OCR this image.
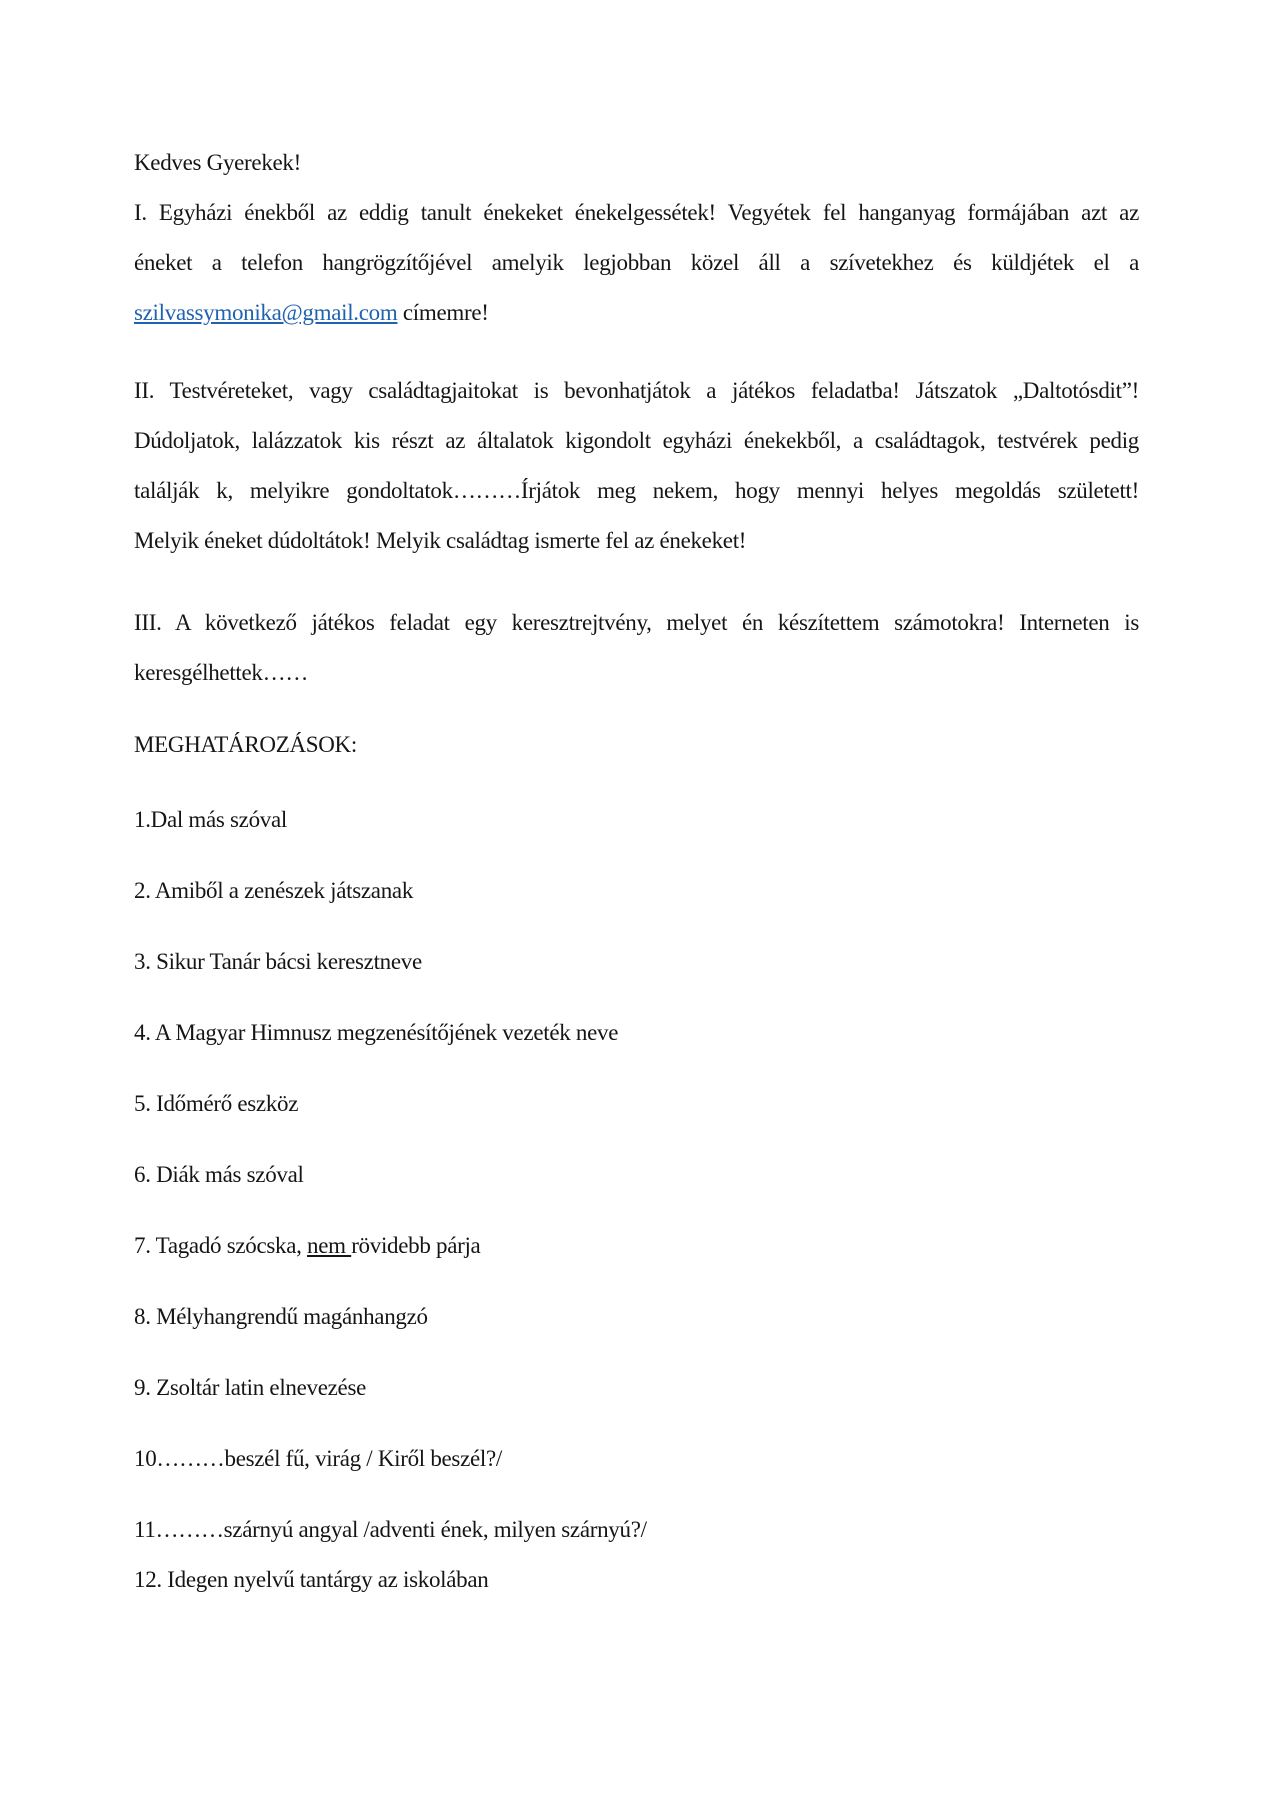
Kedves Gyerekek!
I. Egyházi énekből az eddig tanult énekeket énekelgessétek! Vegyétek fel hanganyag formájában azt az
éneket a telefon hangrögzítőjével amelyik legjobban közel áll a szívetekhez és küldjétek el a
szilvassymonika@gmail.com címemre!
II. Testvéreteket, vagy családtagjaitokat is bevonhatjátok a játékos feladatba! Játszatok „Daltotósdit”!
Dúdoljatok, lalázzatok kis részt az általatok kigondolt egyházi énekekből, a családtagok, testvérek pedig
találják k, melyikre gondoltatok………Írjátok meg nekem, hogy mennyi helyes megoldás született!
Melyik éneket dúdoltátok! Melyik családtag ismerte fel az énekeket!
III. A következő játékos feladat egy keresztrejtvény, melyet én készítettem számotokra! Interneten is
keresgélhettek……
MEGHATÁROZÁSOK:
1.Dal más szóval
2. Amiből a zenészek játszanak
3. Sikur Tanár bácsi keresztneve
4. A Magyar Himnusz megzenésítőjének vezeték neve
5. Időmérő eszköz
6. Diák más szóval
7. Tagadó szócska, nem rövidebb párja
8. Mélyhangrendű magánhangzó
9. Zsoltár latin elnevezése
10………beszél fű, virág / Kiről beszél?/
11………szárnyú angyal /adventi ének, milyen szárnyú?/
12. Idegen nyelvű tantárgy az iskolában
